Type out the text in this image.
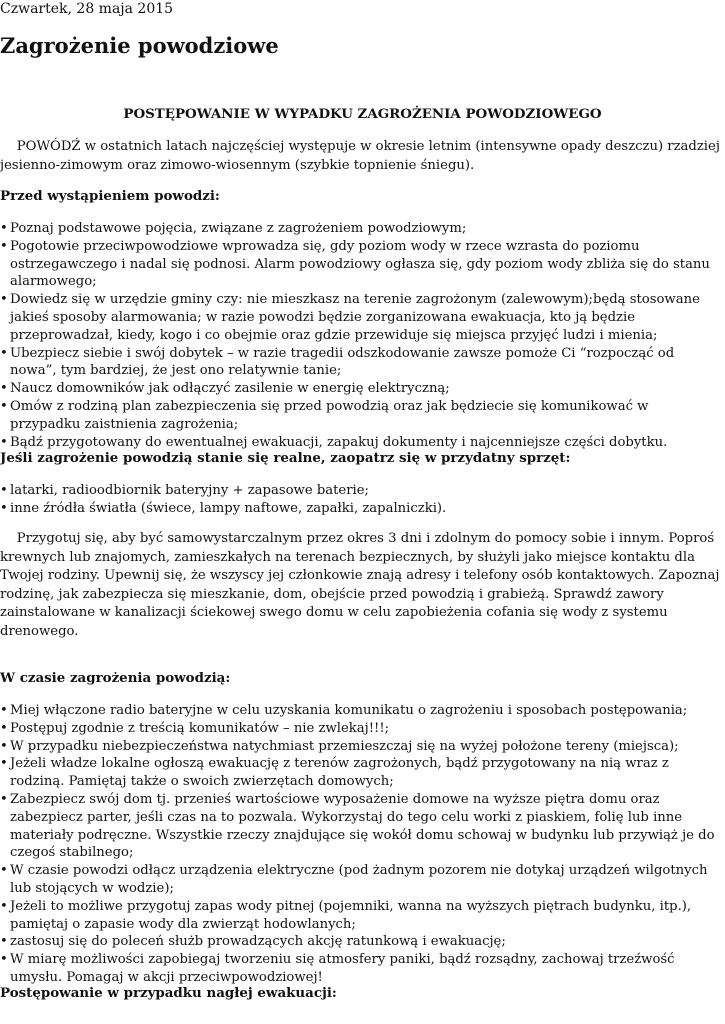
Czwartek, 28 maja 2015
Zagrożenie powodziowe
POSTĘPOWANIE W WYPADKU ZAGROŻENIA POWODZIOWEGO

POWÓDŹ w ostatnich latach najczęściej występuje w okresie letnim (intensywne opady deszczu) rzadziej jesienno-zimowym oraz zimowo-wiosennym (szybkie topnienie śniegu).

Przed wystąpieniem powodzi:
• Poznaj podstawowe pojęcia, związane z zagrożeniem powodziowym;
• Pogotowie przeciwpowodziowe wprowadza się, gdy poziom wody w rzece wzrasta do poziomu ostrzegawczego i nadal się podnosi. Alarm powodziowy ogłasza się, gdy poziom wody zbliża się do stanu alarmowego;
• Dowiedz się w urzędzie gminy czy: nie mieszkasz na terenie zagrożonym (zalewowym);będą stosowane jakieś sposoby alarmowania; w razie powodzi będzie zorganizowana ewakuacja, kto ją będzie przeprowadzał, kiedy, kogo i co obejmie oraz gdzie przewiduje się miejsca przyjęć ludzi i mienia;
• Ubezpiecz siebie i swój dobytek – w razie tragedii odszkodowanie zawsze pomoże Ci “rozpocząć od nowa”, tym bardziej, że jest ono relatywnie tanie;
• Naucz domowników jak odłączyć zasilenie w energię elektryczną;
• Omów z rodziną plan zabezpieczenia się przed powodzią oraz jak będziecie się komunikować w przypadku zaistnienia zagrożenia;
• Bądź przygotowany do ewentualnej ewakuacji, zapakuj dokumenty i najcenniejsze części dobytku.
Jeśli zagrożenie powodzią stanie się realne, zaopatrz się w przydatny sprzęt:
• latarki, radioodbiornik bateryjny + zapasowe baterie;
• inne źródła światła (świece, lampy naftowe, zapałki, zapalniczki).

Przygotuj się, aby być samowystarczalnym przez okres 3 dni i zdolnym do pomocy sobie i innym. Poproś krewnych lub znajomych, zamieszkałych na terenach bezpiecznych, by służyli jako miejsce kontaktu dla Twojej rodziny. Upewnij się, że wszyscy jej członkowie znają adresy i telefony osób kontaktowych. Zapoznaj rodzinę, jak zabezpiecza się mieszkanie, dom, obejście przed powodzią i grabieżą. Sprawdź zawory zainstalowane w kanalizacji ściekowej swego domu w celu zapobieżenia cofania się wody z systemu drenowego.

W czasie zagrożenia powodzią:
• Miej włączone radio bateryjne w celu uzyskania komunikatu o zagrożeniu i sposobach postępowania;
• Postępuj zgodnie z treścią komunikatów – nie zwlekaj!!!;
• W przypadku niebezpieczeństwa natychmiast przemieszczaj się na wyżej położone tereny (miejsca);
• Jeżeli władze lokalne ogłoszą ewakuację z terenów zagrożonych, bądź przygotowany na nią wraz z rodziną. Pamiętaj także o swoich zwierzętach domowych;
• Zabezpiecz swój dom tj. przenieś wartościowe wyposażenie domowe na wyższe piętra domu oraz zabezpiecz parter, jeśli czas na to pozwala. Wykorzystaj do tego celu worki z piaskiem, folię lub inne materiały podręczne. Wszystkie rzeczy znajdujące się wokół domu schowaj w budynku lub przywiąż je do czegoś stabilnego;
• W czasie powodzi odłącz urządzenia elektryczne (pod żadnym pozorem nie dotykaj urządzeń wilgotnych lub stojących w wodzie);
• Jeżeli to możliwe przygotuj zapas wody pitnej (pojemniki, wanna na wyższych piętrach budynku, itp.), pamiętaj o zapasie wody dla zwierząt hodowlanych;
• zastosuj się do poleceń służb prowadzących akcję ratunkową i ewakuację;
• W miarę możliwości zapobiegaj tworzeniu się atmosfery paniki, bądź rozsądny, zachowaj trzeźwość umysłu. Pomagaj w akcji przeciwpowodziowej!
Postępowanie w przypadku nagłej ewakuacji:
